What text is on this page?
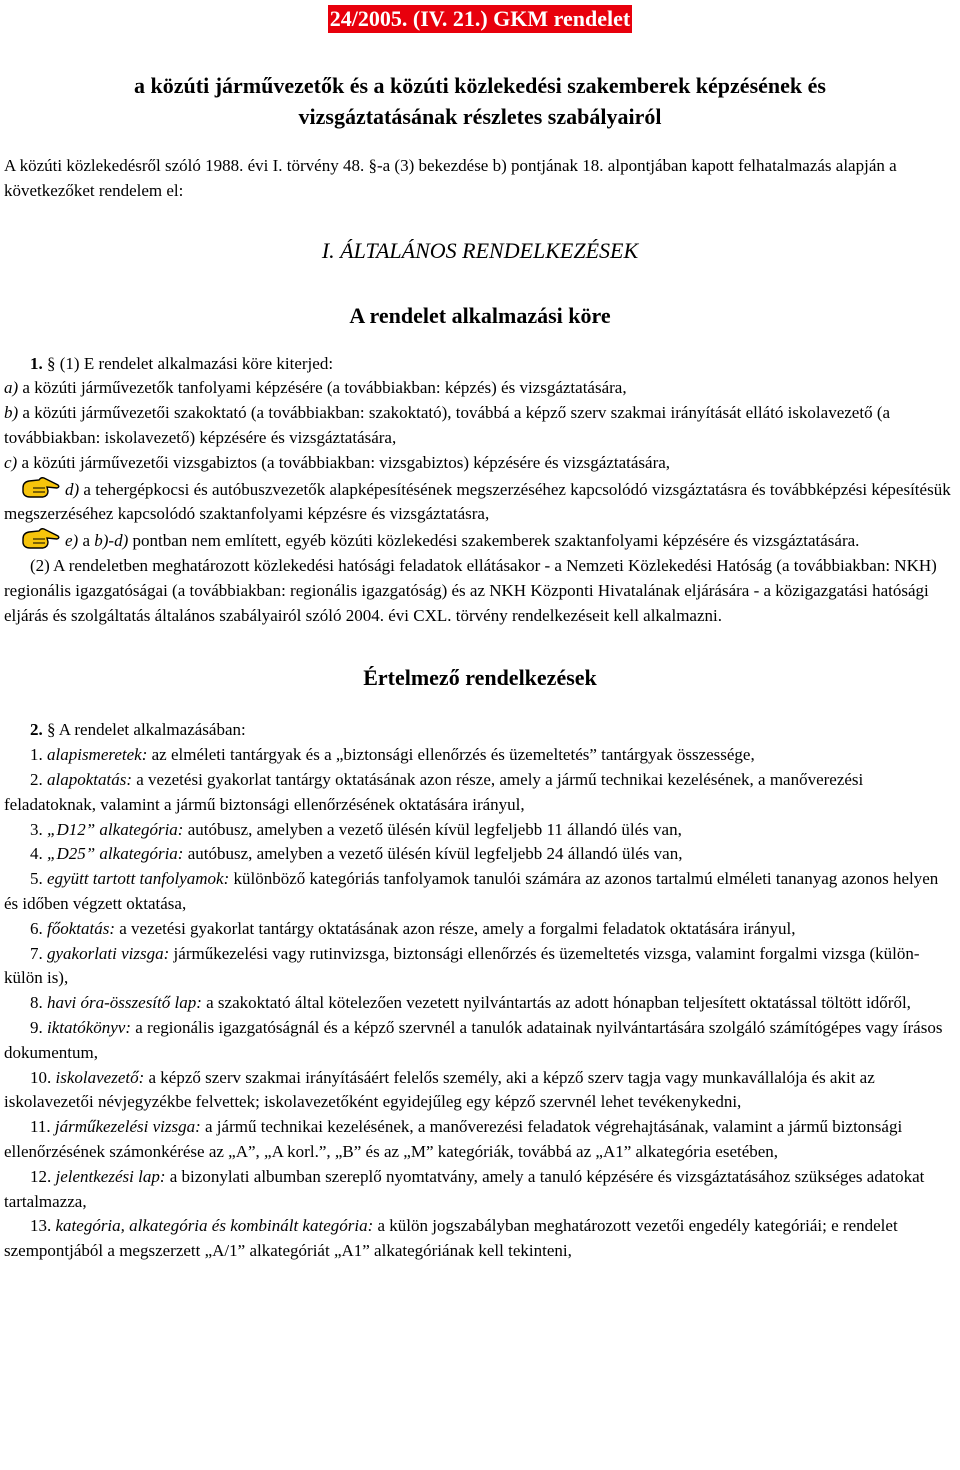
24/2005. (IV. 21.) GKM rendelet
a közúti járművezetők és a közúti közlekedési szakemberek képzésének és
vizsgáztatásának részletes szabályairól

A közúti közlekedésről szóló 1988. évi I. törvény 48. §-a (3) bekezdése b) pontjának 18. alpontjában kapott felhatalmazás alapján a következőket rendelem el:

I. ÁLTALÁNOS RENDELKEZÉSEK
A rendelet alkalmazási köre

1. § (1) E rendelet alkalmazási köre kiterjed:

a) a közúti járművezetők tanfolyami képzésére (a továbbiakban: képzés) és vizsgáztatására,

b) a közúti járművezetői szakoktató (a továbbiakban: szakoktató), továbbá a képző szerv szakmai irányítását ellátó iskolavezető (a továbbiakban: iskolavezető) képzésére és vizsgáztatására,

c) a közúti járművezetői vizsgabiztos (a továbbiakban: vizsgabiztos) képzésére és vizsgáztatására,

d) a tehergépkocsi és autóbuszvezetők alapképesítésének megszerzéséhez kapcsolódó vizsgáztatásra és továbbképzési képesítésük megszerzéséhez kapcsolódó szaktanfolyami képzésre és vizsgáztatásra,

e) a b)-d) pontban nem említett, egyéb közúti közlekedési szakemberek szaktanfolyami képzésére és vizsgáztatására.

(2) A rendeletben meghatározott közlekedési hatósági feladatok ellátásakor - a Nemzeti Közlekedési Hatóság (a továbbiakban: NKH) regionális igazgatóságai (a továbbiakban: regionális igazgatóság) és az NKH Központi Hivatalának eljárására - a közigazgatási hatósági eljárás és szolgáltatás általános szabályairól szóló 2004. évi CXL. törvény rendelkezéseit kell alkalmazni.

Értelmező rendelkezések

2. § A rendelet alkalmazásában:

1. alapismeretek: az elméleti tantárgyak és a „biztonsági ellenőrzés és üzemeltetés” tantárgyak összessége,

2. alapoktatás: a vezetési gyakorlat tantárgy oktatásának azon része, amely a jármű technikai kezelésének, a manőverezési feladatoknak, valamint a jármű biztonsági ellenőrzésének oktatására irányul,

3. „D12” alkategória: autóbusz, amelyben a vezető ülésén kívül legfeljebb 11 állandó ülés van,

4. „D25” alkategória: autóbusz, amelyben a vezető ülésén kívül legfeljebb 24 állandó ülés van,

5. együtt tartott tanfolyamok: különböző kategóriás tanfolyamok tanulói számára az azonos tartalmú elméleti tananyag azonos helyen és időben végzett oktatása,

6. főoktatás: a vezetési gyakorlat tantárgy oktatásának azon része, amely a forgalmi feladatok oktatására irányul,

7. gyakorlati vizsga: járműkezelési vagy rutinvizsga, biztonsági ellenőrzés és üzemeltetés vizsga, valamint forgalmi vizsga (külön-külön is),

8. havi óra-összesítő lap: a szakoktató által kötelezően vezetett nyilvántartás az adott hónapban teljesített oktatással töltött időről,

9. iktatókönyv: a regionális igazgatóságnál és a képző szervnél a tanulók adatainak nyilvántartására szolgáló számítógépes vagy írásos dokumentum,

10. iskolavezető: a képző szerv szakmai irányításáért felelős személy, aki a képző szerv tagja vagy munkavállalója és akit az iskolavezetői névjegyzékbe felvettek; iskolavezetőként egyidejűleg egy képző szervnél lehet tevékenykedni,

11. járműkezelési vizsga: a jármű technikai kezelésének, a manőverezési feladatok végrehajtásának, valamint a jármű biztonsági ellenőrzésének számonkérése az „A”, „A korl.”, „B” és az „M” kategóriák, továbbá az „A1” alkategória esetében,

12. jelentkezési lap: a bizonylati albumban szereplő nyomtatvány, amely a tanuló képzésére és vizsgáztatásához szükséges adatokat tartalmazza,

13. kategória, alkategória és kombinált kategória: a külön jogszabályban meghatározott vezetői engedély kategóriái; e rendelet szempontjából a megszerzett „A/1” alkategóriát „A1” alkategóriának kell tekinteni,
